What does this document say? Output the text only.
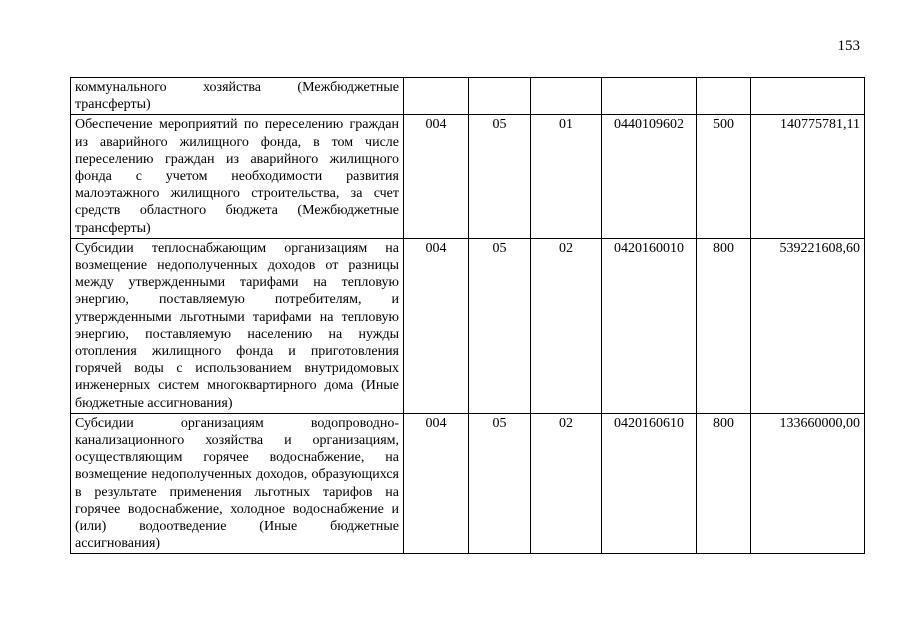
153
коммунального хозяйства (Межбюджетные трансферты)						
Обеспечение мероприятий по переселению граждан из аварийного жилищного фонда, в том числе переселению граждан из аварийного жилищного фонда с учетом необходимости развития малоэтажного жилищного строительства, за счет средств областного бюджета (Межбюджетные трансферты)	004	05	01	0440109602	500	140775781,11
Субсидии теплоснабжающим организациям на возмещение недополученных доходов от разницы между утвержденными тарифами на тепловую энергию, поставляемую потребителям, и утвержденными льготными тарифами на тепловую энергию, поставляемую населению на нужды отопления жилищного фонда и приготовления горячей воды с использованием внутридомовых инженерных систем многоквартирного дома (Иные бюджетные ассигнования)	004	05	02	0420160010	800	539221608,60
Субсидии организациям водопроводно-канализационного хозяйства и организациям, осуществляющим горячее водоснабжение, на возмещение недополученных доходов, образующихся в результате применения льготных тарифов на горячее водоснабжение, холодное водоснабжение и (или) водоотведение (Иные бюджетные ассигнования)	004	05	02	0420160610	800	133660000,00
